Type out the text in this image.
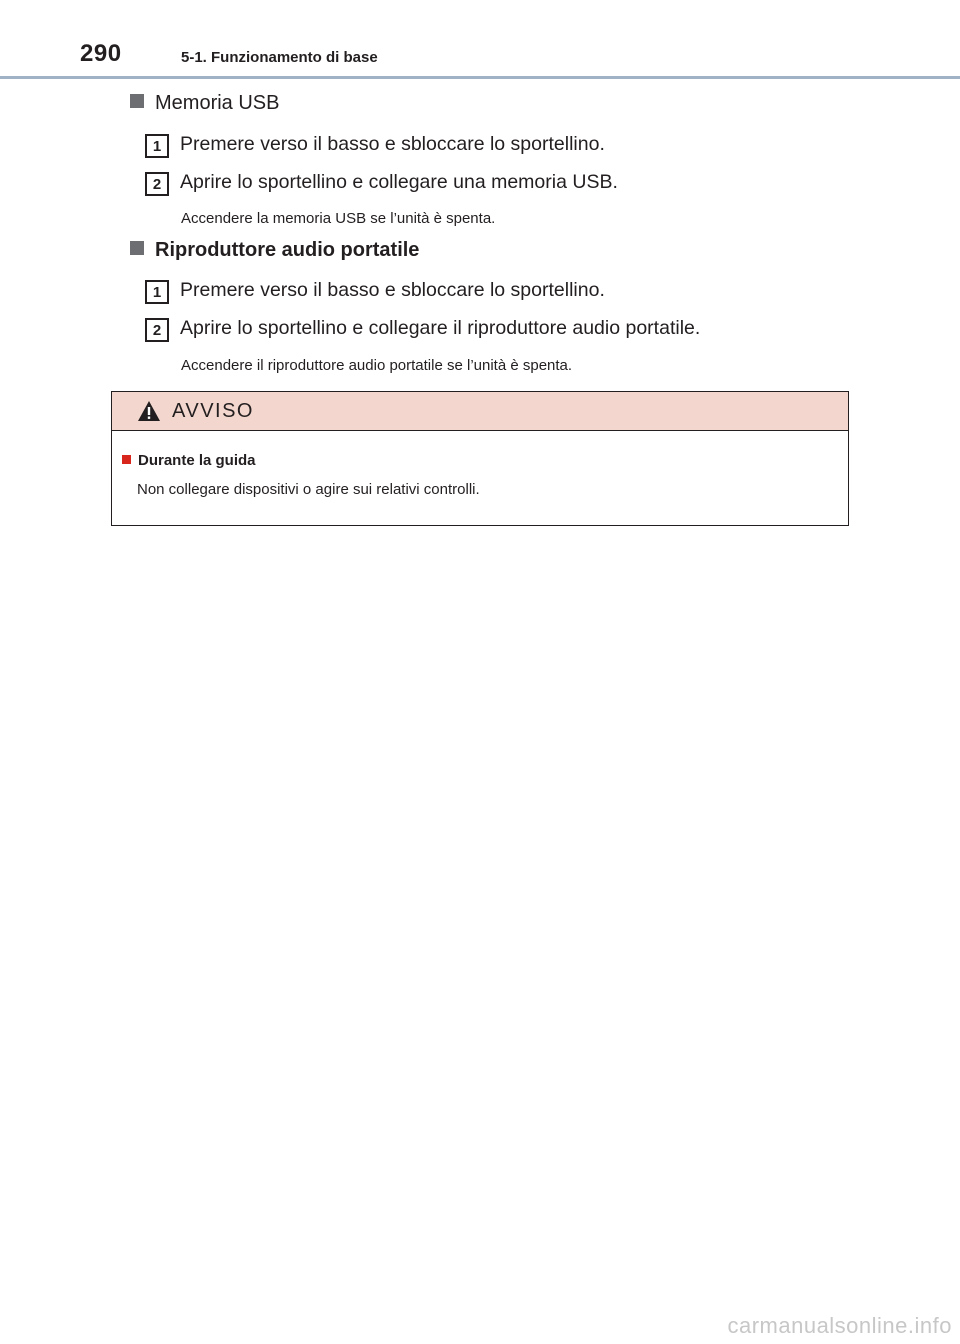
290	5-1. Funzionamento di base
Memoria USB
1 Premere verso il basso e sbloccare lo sportellino.
2 Aprire lo sportellino e collegare una memoria USB.
Accendere la memoria USB se l’unità è spenta.
Riproduttore audio portatile
1 Premere verso il basso e sbloccare lo sportellino.
2 Aprire lo sportellino e collegare il riproduttore audio portatile.
Accendere il riproduttore audio portatile se l’unità è spenta.
AVVISO
Durante la guida
Non collegare dispositivi o agire sui relativi controlli.
carmanualsonline.info
